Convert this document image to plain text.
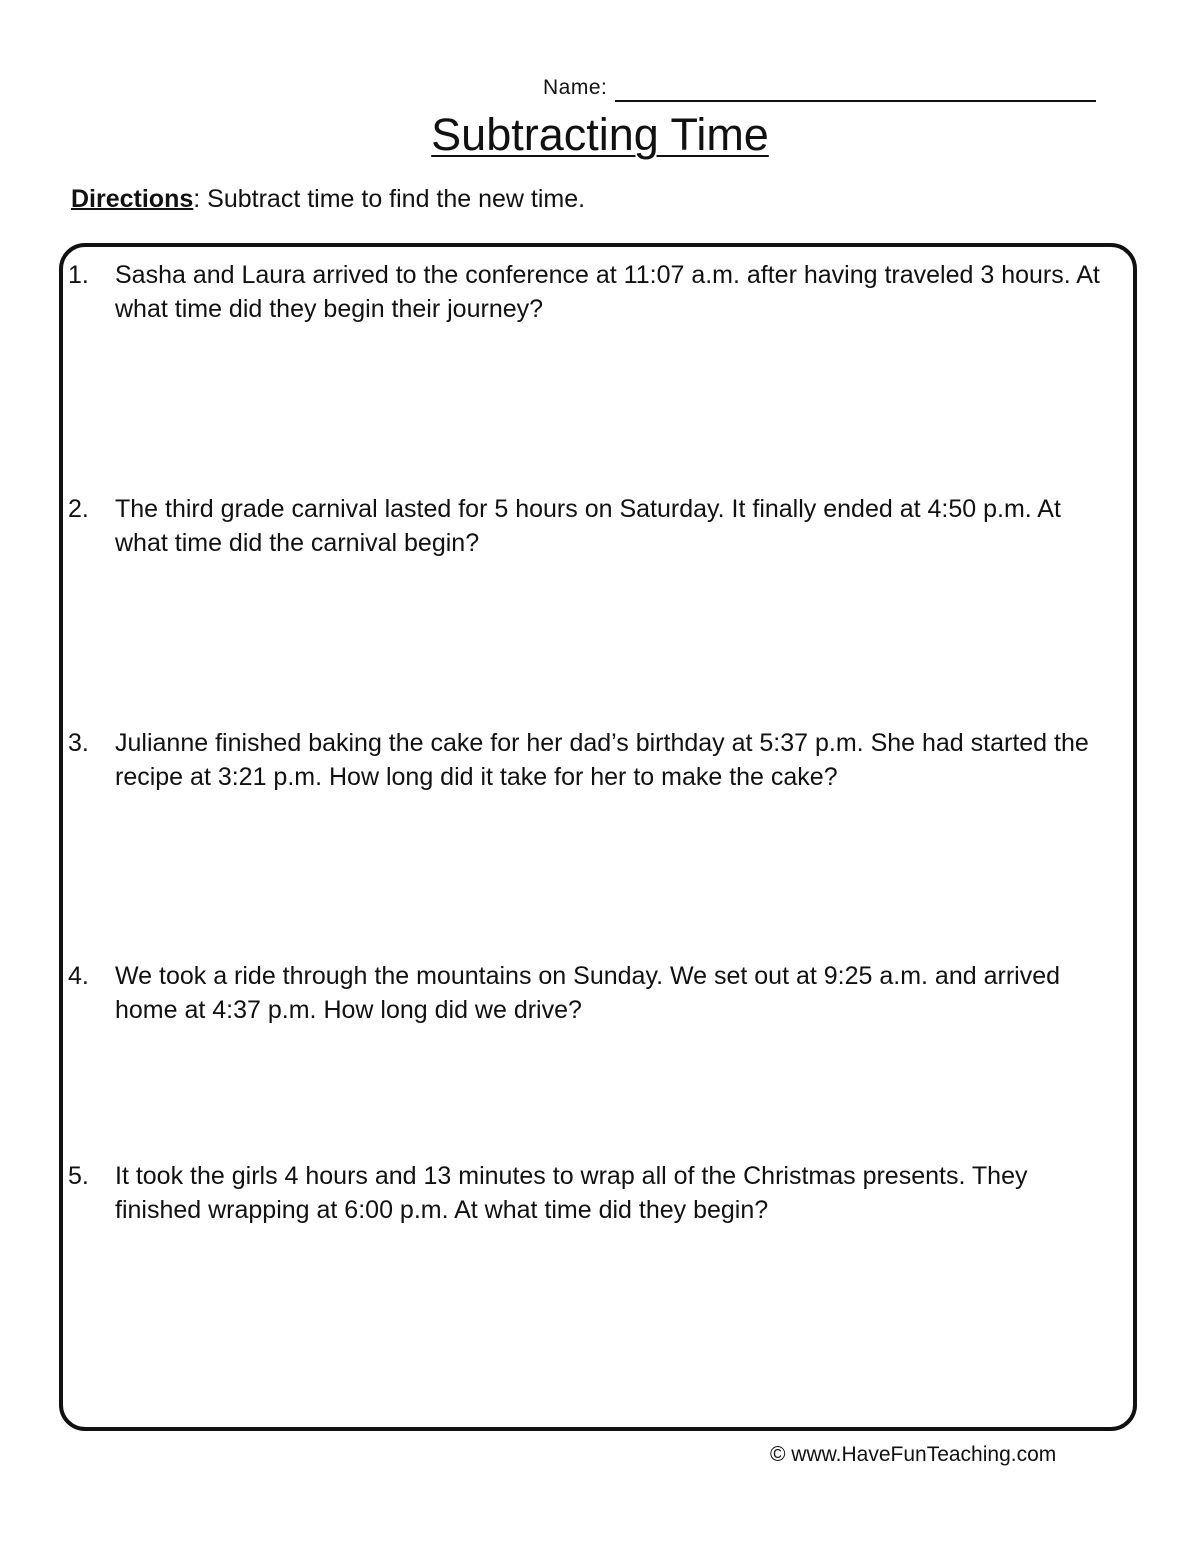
Name:
Subtracting Time
Directions: Subtract time to find the new time.
1.	Sasha and Laura arrived to the conference at 11:07 a.m. after having traveled 3 hours. At what time did they begin their journey?
2.	The third grade carnival lasted for 5 hours on Saturday. It finally ended at 4:50 p.m. At what time did the carnival begin?
3.	Julianne finished baking the cake for her dad’s birthday at 5:37 p.m. She had started the recipe at 3:21 p.m. How long did it take for her to make the cake?
4.	We took a ride through the mountains on Sunday. We set out at 9:25 a.m. and arrived home at 4:37 p.m. How long did we drive?
5.	It took the girls 4 hours and 13 minutes to wrap all of the Christmas presents. They finished wrapping at 6:00 p.m. At what time did they begin?
© www.HaveFunTeaching.com
